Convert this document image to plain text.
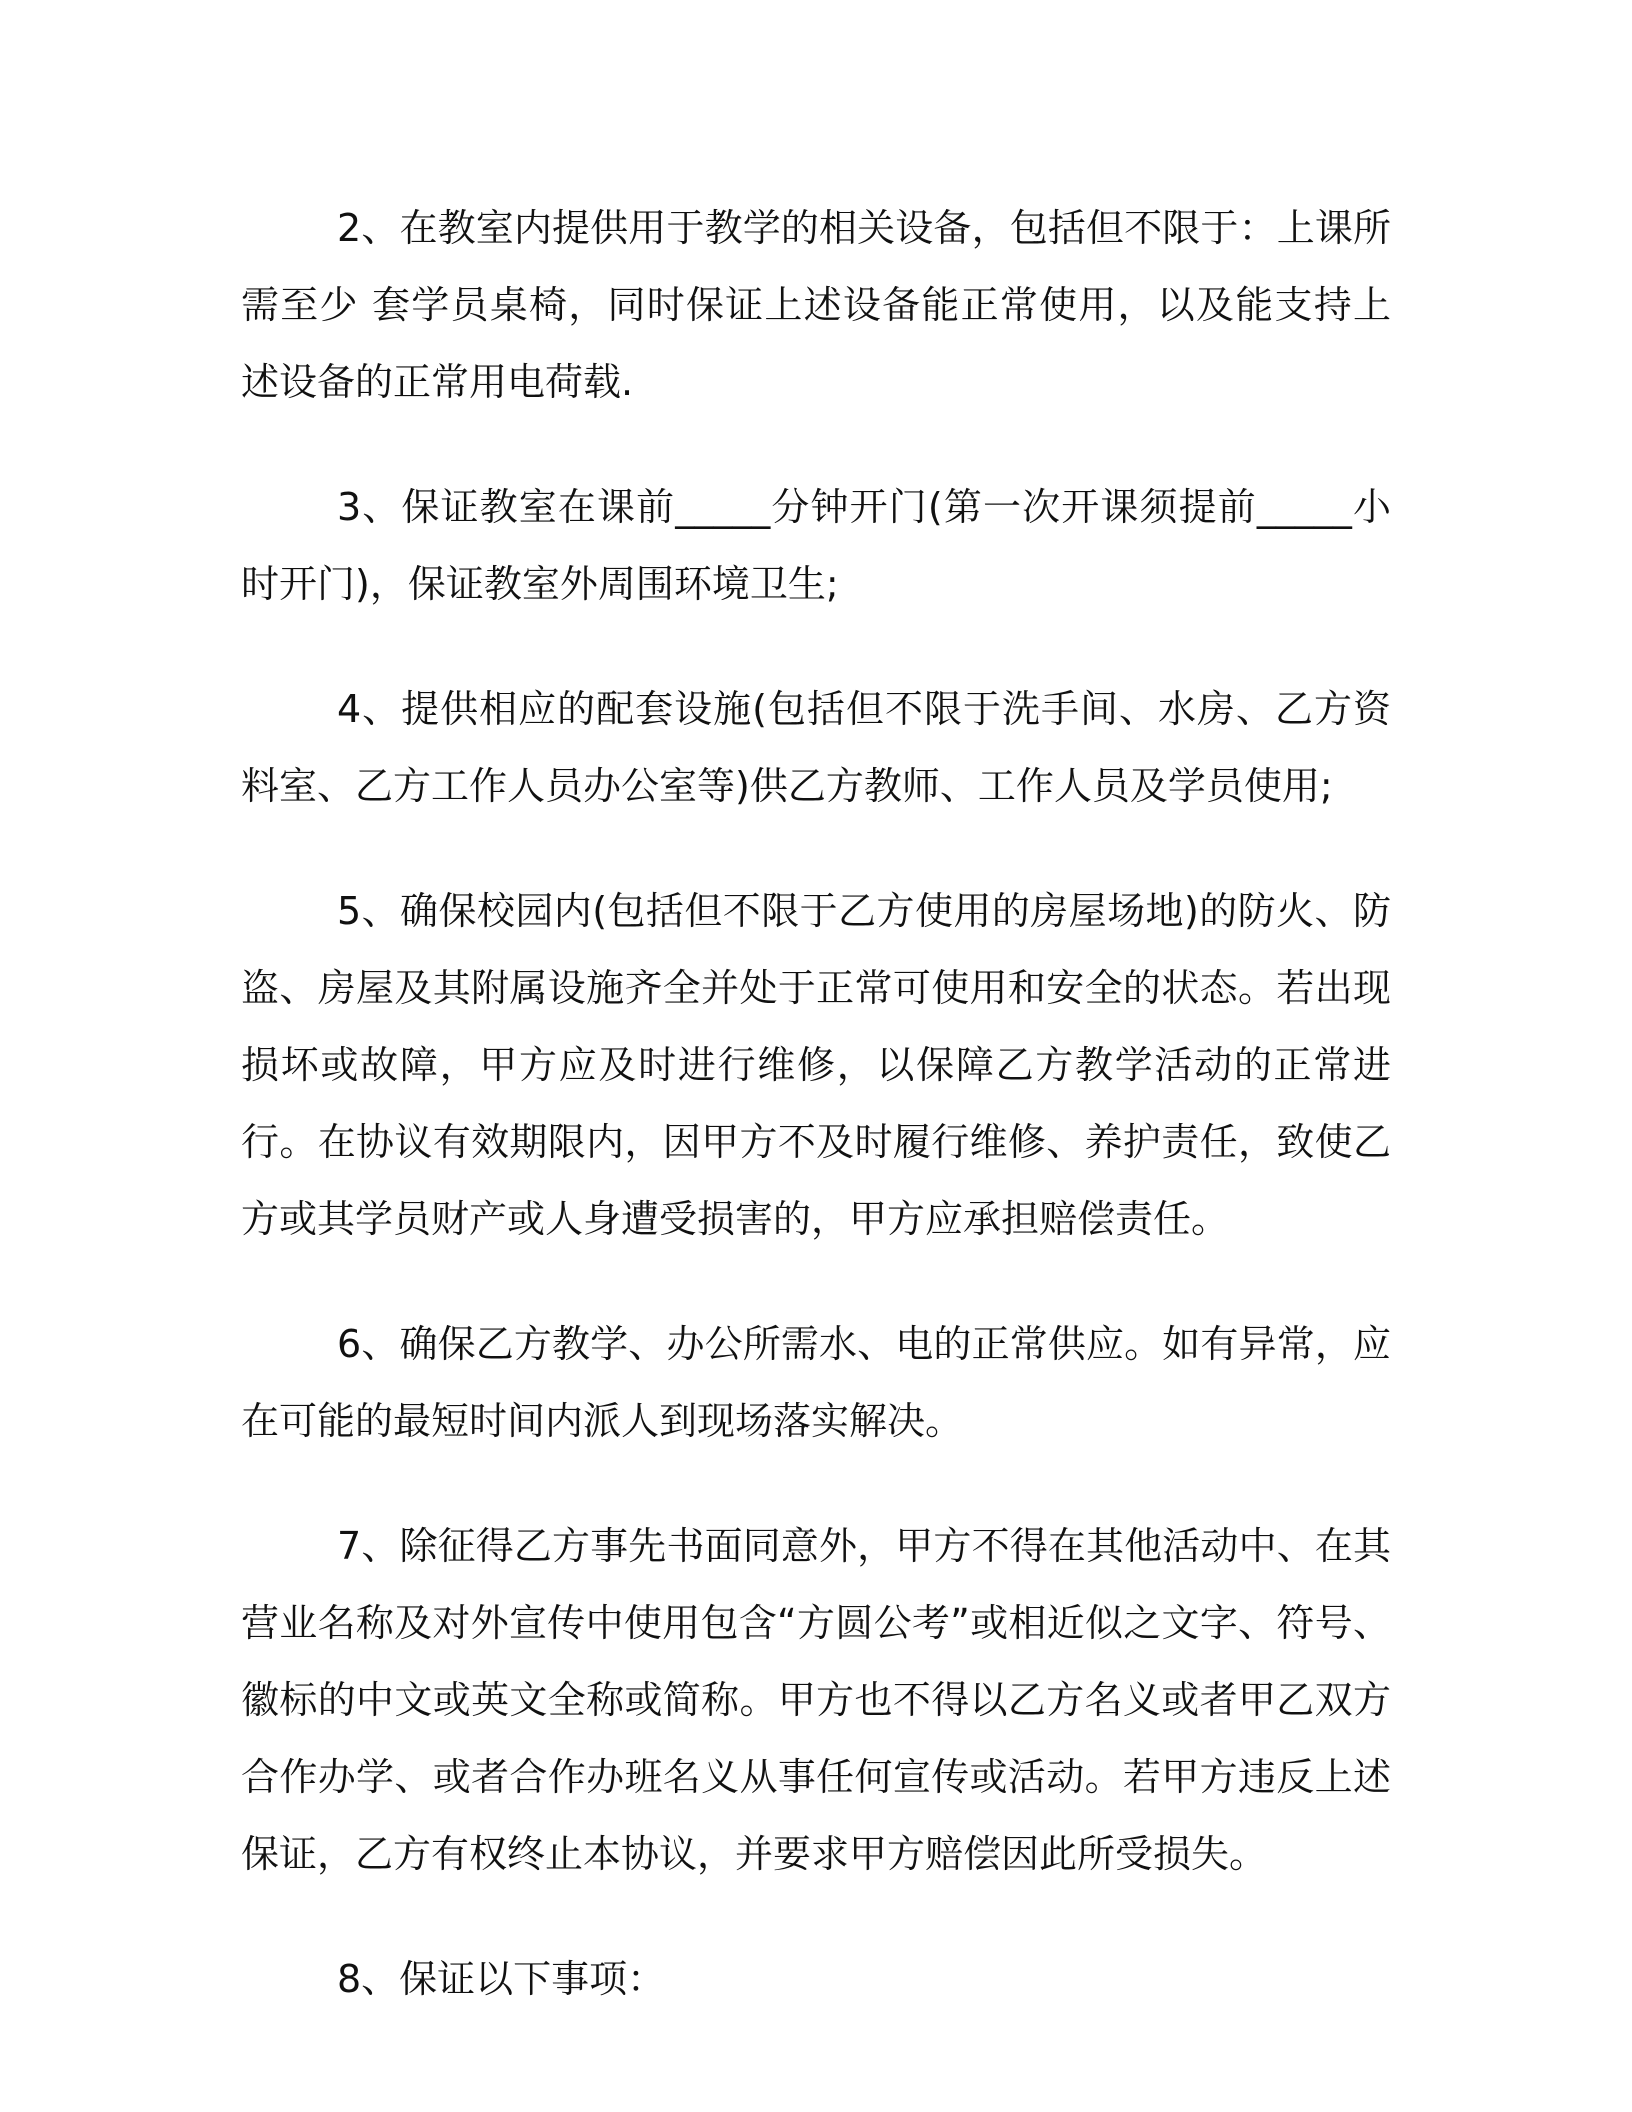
2、在教室内提供用于教学的相关设备，包括但不限于：上课所需至少 套学员桌椅，同时保证上述设备能正常使用，以及能支持上述设备的正常用电荷载.

3、保证教室在课前_____分钟开门(第一次开课须提前_____小时开门)，保证教室外周围环境卫生;

4、提供相应的配套设施(包括但不限于洗手间、水房、乙方资料室、乙方工作人员办公室等)供乙方教师、工作人员及学员使用;

5、确保校园内(包括但不限于乙方使用的房屋场地)的防火、防盗、房屋及其附属设施齐全并处于正常可使用和安全的状态。若出现损坏或故障，甲方应及时进行维修，以保障乙方教学活动的正常进行。在协议有效期限内，因甲方不及时履行维修、养护责任，致使乙方或其学员财产或人身遭受损害的，甲方应承担赔偿责任。

6、确保乙方教学、办公所需水、电的正常供应。如有异常，应在可能的最短时间内派人到现场落实解决。

7、除征得乙方事先书面同意外，甲方不得在其他活动中、在其营业名称及对外宣传中使用包含“方圆公考”或相近似之文字、符号、徽标的中文或英文全称或简称。甲方也不得以乙方名义或者甲乙双方合作办学、或者合作办班名义从事任何宣传或活动。若甲方违反上述保证，乙方有权终止本协议，并要求甲方赔偿因此所受损失。

8、保证以下事项：
